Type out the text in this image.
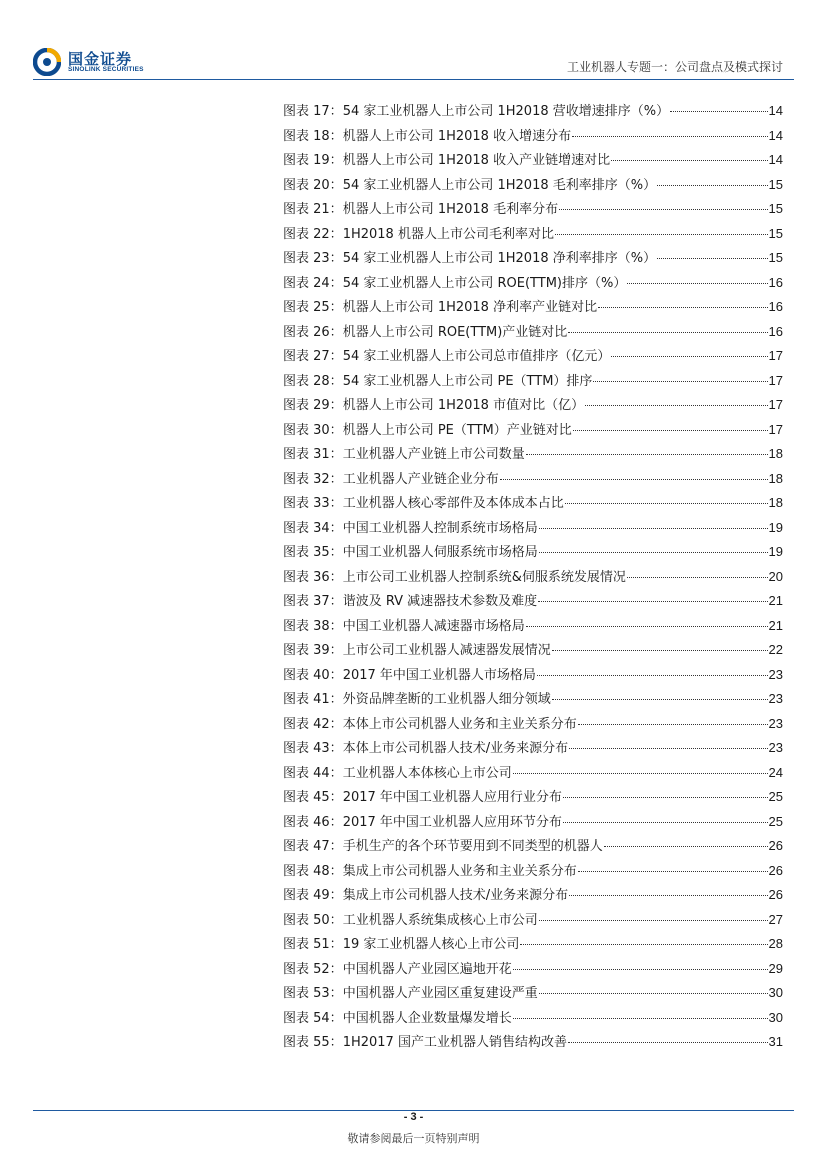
国金证券
SINOLINK SECURITIES	工业机器人专题一：公司盘点及模式探讨
图表 17： 54 家工业机器人上市公司 1H2018 营收增速排序（%）	14
图表 18： 机器人上市公司 1H2018 收入增速分布	14
图表 19： 机器人上市公司 1H2018 收入产业链增速对比	14
图表 20： 54 家工业机器人上市公司 1H2018 毛利率排序（%）	15
图表 21： 机器人上市公司 1H2018 毛利率分布	15
图表 22： 1H2018 机器人上市公司毛利率对比	15
图表 23： 54 家工业机器人上市公司 1H2018 净利率排序（%）	15
图表 24： 54 家工业机器人上市公司 ROE(TTM)排序（%）	16
图表 25： 机器人上市公司 1H2018 净利率产业链对比	16
图表 26： 机器人上市公司 ROE(TTM)产业链对比	16
图表 27： 54 家工业机器人上市公司总市值排序（亿元）	17
图表 28： 54 家工业机器人上市公司 PE（TTM）排序	17
图表 29： 机器人上市公司 1H2018 市值对比（亿）	17
图表 30： 机器人上市公司 PE（TTM）产业链对比	17
图表 31： 工业机器人产业链上市公司数量	18
图表 32： 工业机器人产业链企业分布	18
图表 33： 工业机器人核心零部件及本体成本占比	18
图表 34： 中国工业机器人控制系统市场格局	19
图表 35： 中国工业机器人伺服系统市场格局	19
图表 36： 上市公司工业机器人控制系统&伺服系统发展情况	20
图表 37： 谐波及 RV 减速器技术参数及难度	21
图表 38： 中国工业机器人减速器市场格局	21
图表 39： 上市公司工业机器人减速器发展情况	22
图表 40： 2017 年中国工业机器人市场格局	23
图表 41： 外资品牌垄断的工业机器人细分领域	23
图表 42： 本体上市公司机器人业务和主业关系分布	23
图表 43： 本体上市公司机器人技术/业务来源分布	23
图表 44： 工业机器人本体核心上市公司	24
图表 45： 2017 年中国工业机器人应用行业分布	25
图表 46： 2017 年中国工业机器人应用环节分布	25
图表 47： 手机生产的各个环节要用到不同类型的机器人	26
图表 48： 集成上市公司机器人业务和主业关系分布	26
图表 49： 集成上市公司机器人技术/业务来源分布	26
图表 50： 工业机器人系统集成核心上市公司	27
图表 51： 19 家工业机器人核心上市公司	28
图表 52： 中国机器人产业园区遍地开花	29
图表 53： 中国机器人产业园区重复建设严重	30
图表 54： 中国机器人企业数量爆发增长	30
图表 55： 1H2017 国产工业机器人销售结构改善	31
- 3 -
敬请参阅最后一页特别声明
